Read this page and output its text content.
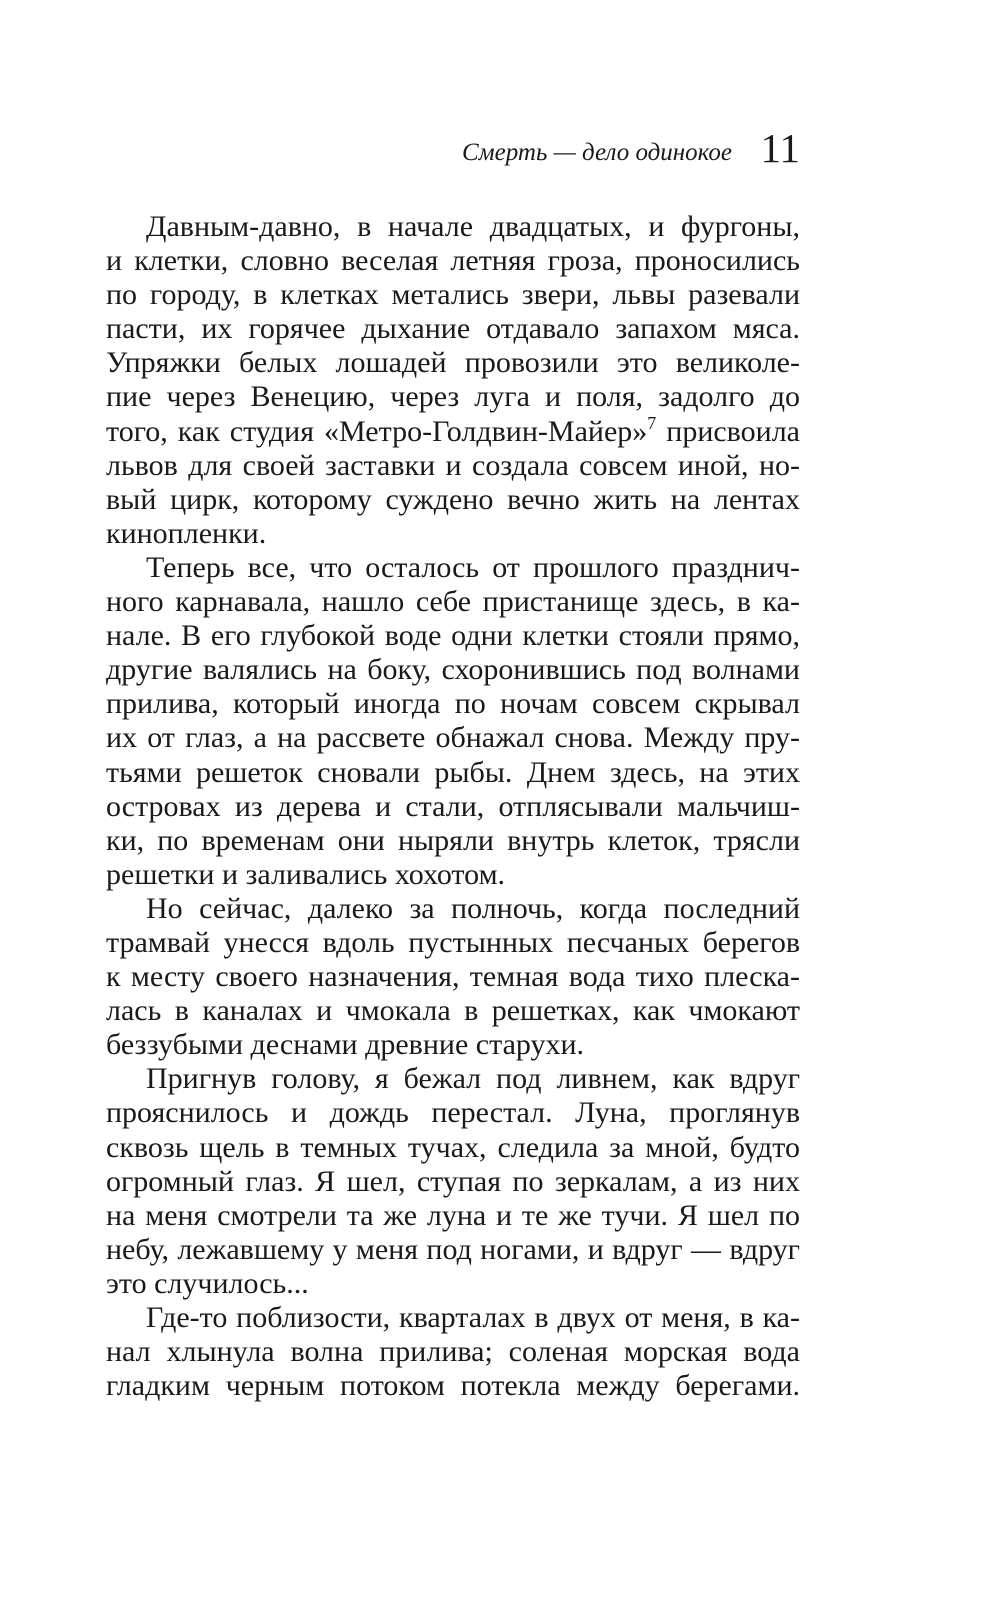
Смерть — дело одинокое 11
Давным-давно, в начале двадцатых, и фургоны,
и клетки, словно веселая летняя гроза, проносились
по городу, в клетках метались звери, львы разевали
пасти, их горячее дыхание отдавало запахом мяса.
Упряжки белых лошадей провозили это великоле-
пие через Венецию, через луга и поля, задолго до
того, как студия «Метро-Голдвин-Майер»$^7$ присвоила
львов для своей заставки и создала совсем иной, но-
вый цирк, которому суждено вечно жить на лентах
кинопленки.
Теперь все, что осталось от прошлого празднич-
ного карнавала, нашло себе пристанище здесь, в ка-
нале. В его глубокой воде одни клетки стояли прямо,
другие валялись на боку, схоронившись под волнами
прилива, который иногда по ночам совсем скрывал
их от глаз, а на рассвете обнажал снова. Между пру-
тьями решеток сновали рыбы. Днем здесь, на этих
островах из дерева и стали, отплясывали мальчиш-
ки, по временам они ныряли внутрь клеток, трясли
решетки и заливались хохотом.
Но сейчас, далеко за полночь, когда последний
трамвай унесся вдоль пустынных песчаных берегов
к месту своего назначения, темная вода тихо плеска-
лась в каналах и чмокала в решетках, как чмокают
беззубыми деснами древние старухи.
Пригнув голову, я бежал под ливнем, как вдруг
прояснилось и дождь перестал. Луна, проглянув
сквозь щель в темных тучах, следила за мной, будто
огромный глаз. Я шел, ступая по зеркалам, а из них
на меня смотрели та же луна и те же тучи. Я шел по
небу, лежавшему у меня под ногами, и вдруг — вдруг
это случилось...
Где-то поблизости, кварталах в двух от меня, в ка-
нал хлынула волна прилива; соленая морская вода
гладким черным потоком потекла между берегами.
